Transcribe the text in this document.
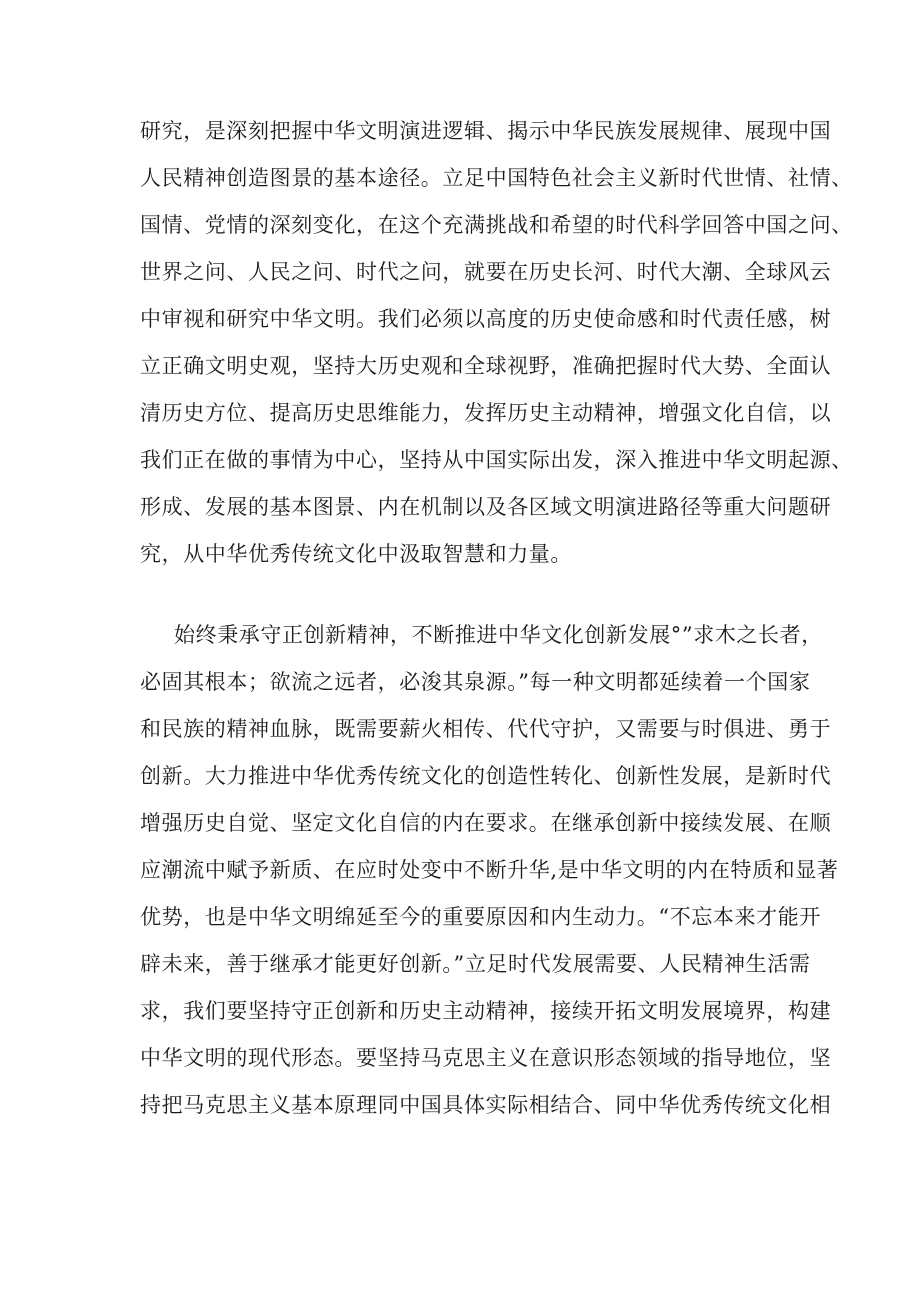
研究，是深刻把握中华文明演进逻辑、揭示中华民族发展规律、展现中国
人民精神创造图景的基本途径。立足中国特色社会主义新时代世情、社情、
国情、党情的深刻变化，在这个充满挑战和希望的时代科学回答中国之问、
世界之问、人民之问、时代之问，就要在历史长河、时代大潮、全球风云
中审视和研究中华文明。我们必须以高度的历史使命感和时代责任感，树
立正确文明史观，坚持大历史观和全球视野，准确把握时代大势、全面认
清历史方位、提高历史思维能力，发挥历史主动精神，增强文化自信，以
我们正在做的事情为中心，坚持从中国实际出发，深入推进中华文明起源、
形成、发展的基本图景、内在机制以及各区域文明演进路径等重大问题研
究，从中华优秀传统文化中汲取智慧和力量。
始终秉承守正创新精神，不断推进中华文化创新发展°”求木之长者，
必固其根本；欲流之远者，必浚其泉源。”每一种文明都延续着一个国家
和民族的精神血脉，既需要薪火相传、代代守护，又需要与时俱进、勇于
创新。大力推进中华优秀传统文化的创造性转化、创新性发展，是新时代
增强历史自觉、坚定文化自信的内在要求。在继承创新中接续发展、在顺
应潮流中赋予新质、在应时处变中不断升华,是中华文明的内在特质和显著
优势，也是中华文明绵延至今的重要原因和内生动力。“不忘本来才能开
辟未来，善于继承才能更好创新。”立足时代发展需要、人民精神生活需
求，我们要坚持守正创新和历史主动精神，接续开拓文明发展境界，构建
中华文明的现代形态。要坚持马克思主义在意识形态领域的指导地位，坚
持把马克思主义基本原理同中国具体实际相结合、同中华优秀传统文化相
